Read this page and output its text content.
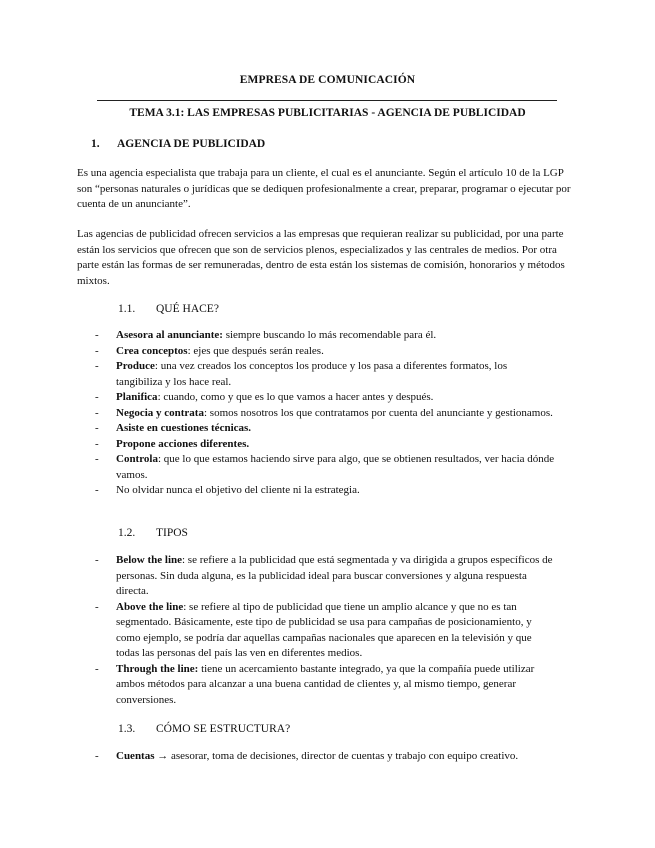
EMPRESA DE COMUNICACIÓN
TEMA 3.1: LAS EMPRESAS PUBLICITARIAS - AGENCIA DE PUBLICIDAD
1. AGENCIA DE PUBLICIDAD
Es una agencia especialista que trabaja para un cliente, el cual es el anunciante. Según el artículo 10 de la LGP son “personas naturales o jurídicas que se dediquen profesionalmente a crear, preparar, programar o ejecutar por cuenta de un anunciante”.
Las agencias de publicidad ofrecen servicios a las empresas que requieran realizar su publicidad, por una parte están los servicios que ofrecen que son de servicios plenos, especializados y las centrales de medios. Por otra parte están las formas de ser remuneradas, dentro de esta están los sistemas de comisión, honorarios y métodos mixtos.
1.1. QUÉ HACE?
- Asesora al anunciante: siempre buscando lo más recomendable para él.
- Crea conceptos: ejes que después serán reales.
- Produce: una vez creados los conceptos los produce y los pasa a diferentes formatos, los tangibiliza y los hace real.
- Planifica: cuando, como y que es lo que vamos a hacer antes y después.
- Negocia y contrata: somos nosotros los que contratamos por cuenta del anunciante y gestionamos.
- Asiste en cuestiones técnicas.
- Propone acciones diferentes.
- Controla: que lo que estamos haciendo sirve para algo, que se obtienen resultados, ver hacia dónde vamos.
- No olvidar nunca el objetivo del cliente ni la estrategia.
1.2. TIPOS
- Below the line: se refiere a la publicidad que está segmentada y va dirigida a grupos específicos de personas. Sin duda alguna, es la publicidad ideal para buscar conversiones y alguna respuesta directa.
- Above the line: se refiere al tipo de publicidad que tiene un amplio alcance y que no es tan segmentado. Básicamente, este tipo de publicidad se usa para campañas de posicionamiento, y como ejemplo, se podría dar aquellas campañas nacionales que aparecen en la televisión y que todas las personas del país las ven en diferentes medios.
- Through the line: tiene un acercamiento bastante integrado, ya que la compañía puede utilizar ambos métodos para alcanzar a una buena cantidad de clientes y, al mismo tiempo, generar conversiones.
1.3. CÓMO SE ESTRUCTURA?
- Cuentas → asesorar, toma de decisiones, director de cuentas y trabajo con equipo creativo.
